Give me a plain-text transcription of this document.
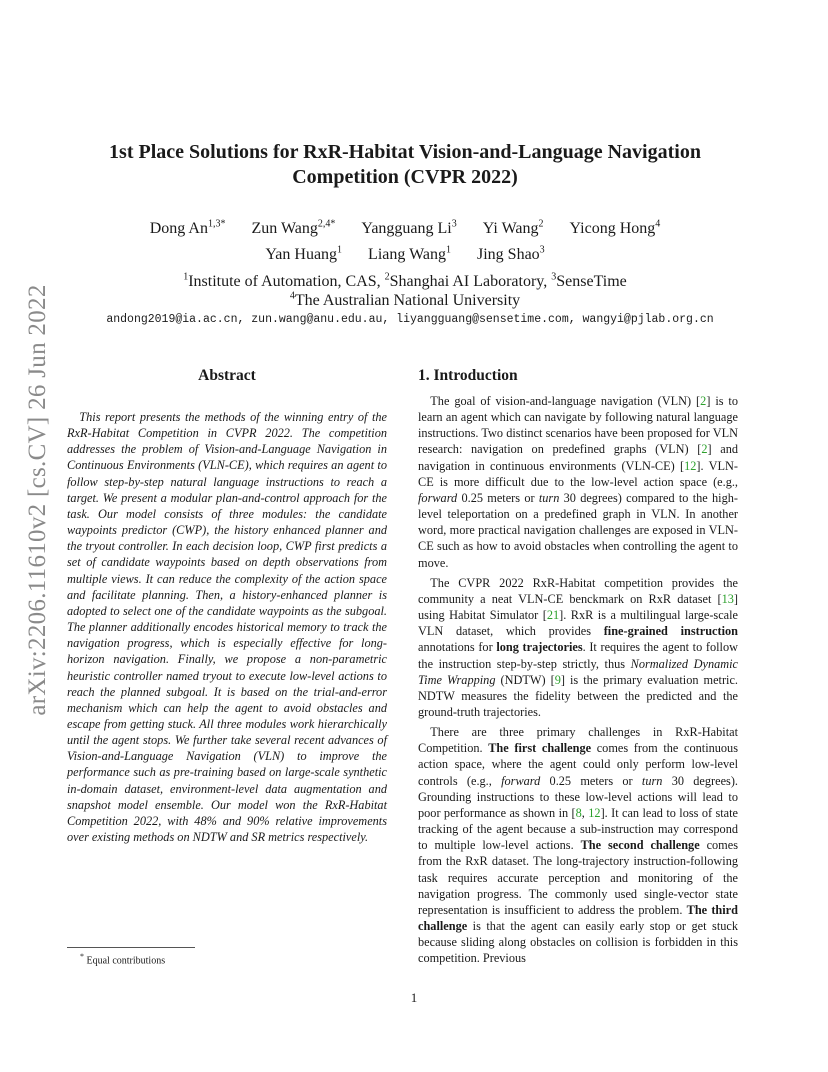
arXiv:2206.11610v2 [cs.CV] 26 Jun 2022
1st Place Solutions for RxR-Habitat Vision-and-Language Navigation
Competition (CVPR 2022)
Dong $An^{1,3*}$ Zun Wang$^{2,4*}$ Yangguang Li$^3$ Yi Wang$^2$ Yicong Hong$^4$
Yan Huang$^1$ Liang Wang$^1$ Jing Shao$^3$
$^1$Institute of Automation, CAS, $^2$Shanghai AI Laboratory, $^3$SenseTime
$^4$The Australian National University
andong2019@ia.ac.cn, zun.wang@anu.edu.au, liyangguang@sensetime.com, wangyi@pjlab.org.cn
Abstract

This report presents the methods of the winning entry of the RxR-Habitat Competition in CVPR 2022. The competition addresses the problem of Vision-and-Language Navigation in Continuous Environments (VLN-CE), which requires an agent to follow step-by-step natural language instructions to reach a target. We present a modular plan-and-control approach for the task. Our model consists of three modules: the candidate waypoints predictor (CWP), the history enhanced planner and the tryout controller. In each decision loop, CWP first predicts a set of candidate waypoints based on depth observations from multiple views. It can reduce the complexity of the action space and facilitate planning. Then, a history-enhanced planner is adopted to select one of the candidate waypoints as the subgoal. The planner additionally encodes historical memory to track the navigation progress, which is especially effective for long-horizon navigation. Finally, we propose a non-parametric heuristic controller named tryout to execute low-level actions to reach the planned subgoal. It is based on the trial-and-error mechanism which can help the agent to avoid obstacles and escape from getting stuck. All three modules work hierarchically until the agent stops. We further take several recent advances of Vision-and-Language Navigation (VLN) to improve the performance such as pre-training based on large-scale synthetic in-domain dataset, environment-level data augmentation and snapshot model ensemble. Our model won the RxR-Habitat Competition 2022, with 48% and 90% relative improvements over existing methods on NDTW and SR metrics respectively.

1. Introduction

The goal of vision-and-language navigation (VLN) [2] is to learn an agent which can navigate by following natural language instructions. Two distinct scenarios have been proposed for VLN research: navigation on predefined graphs (VLN) [2] and navigation in continuous environments (VLN-CE) [12]. VLN-CE is more difficult due to the low-level action space (e.g., forward 0.25 meters or turn 30 degrees) compared to the high-level teleportation on a predefined graph in VLN. In another word, more practical navigation challenges are exposed in VLN-CE such as how to avoid obstacles when controlling the agent to move.

The CVPR 2022 RxR-Habitat competition provides the community a neat VLN-CE benckmark on RxR dataset [13] using Habitat Simulator [21]. RxR is a multilingual large-scale VLN dataset, which provides fine-grained instruction annotations for long trajectories. It requires the agent to follow the instruction step-by-step strictly, thus Normalized Dynamic Time Wrapping (NDTW) [9] is the primary evaluation metric. NDTW measures the fidelity between the predicted and the ground-truth trajectories.

There are three primary challenges in RxR-Habitat Competition. The first challenge comes from the continuous action space, where the agent could only perform low-level controls (e.g., forward 0.25 meters or turn 30 degrees). Grounding instructions to these low-level actions will lead to poor performance as shown in [8, 12]. It can lead to loss of state tracking of the agent because a sub-instruction may correspond to multiple low-level actions. The second challenge comes from the RxR dataset. The long-trajectory instruction-following task requires accurate perception and monitoring of the navigation progress. The commonly used single-vector state representation is insufficient to address the problem. The third challenge is that the agent can easily early stop or get stuck because sliding along obstacles on collision is forbidden in this competition. Previous

* Equal contributions
1
